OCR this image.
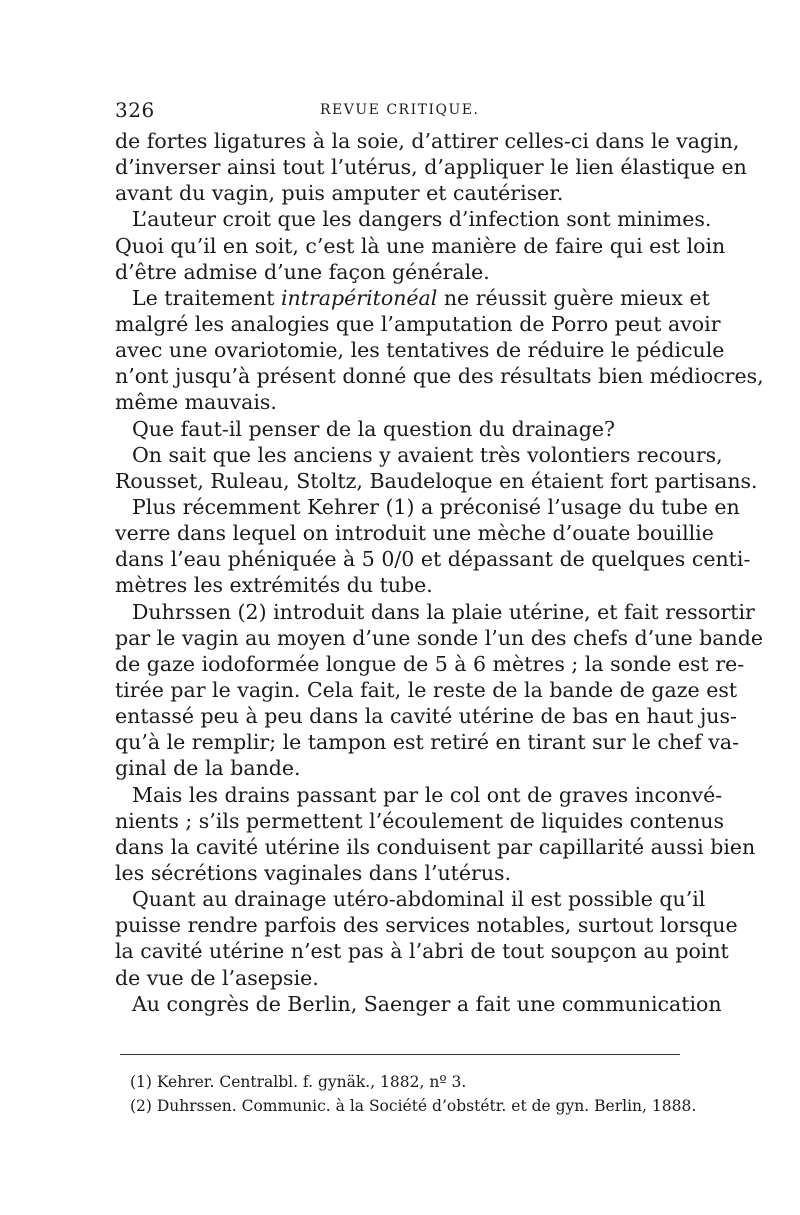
326	REVUE CRITIQUE.
de fortes ligatures à la soie, d’attirer celles-ci dans le vagin,
d’inverser ainsi tout l’utérus, d’appliquer le lien élastique en
avant du vagin, puis amputer et cautériser.
L’auteur croit que les dangers d’infection sont minimes.
Quoi qu’il en soit, c’est là une manière de faire qui est loin
d’être admise d’une façon générale.
Le traitement intrapéritonéal ne réussit guère mieux et
malgré les analogies que l’amputation de Porro peut avoir
avec une ovariotomie, les tentatives de réduire le pédicule
n’ont jusqu’à présent donné que des résultats bien médiocres,
même mauvais.
Que faut-il penser de la question du drainage?
On sait que les anciens y avaient très volontiers recours,
Rousset, Ruleau, Stoltz, Baudeloque en étaient fort partisans.
Plus récemment Kehrer (1) a préconisé l’usage du tube en
verre dans lequel on introduit une mèche d’ouate bouillie
dans l’eau phéniquée à 5 0/0 et dépassant de quelques centi-
mètres les extrémités du tube.
Duhrssen (2) introduit dans la plaie utérine, et fait ressortir
par le vagin au moyen d’une sonde l’un des chefs d’une bande
de gaze iodoformée longue de 5 à 6 mètres ; la sonde est re-
tirée par le vagin. Cela fait, le reste de la bande de gaze est
entassé peu à peu dans la cavité utérine de bas en haut jus-
qu’à le remplir; le tampon est retiré en tirant sur le chef va-
ginal de la bande.
Mais les drains passant par le col ont de graves inconvé-
nients ; s’ils permettent l’écoulement de liquides contenus
dans la cavité utérine ils conduisent par capillarité aussi bien
les sécrétions vaginales dans l’utérus.
Quant au drainage utéro-abdominal il est possible qu’il
puisse rendre parfois des services notables, surtout lorsque
la cavité utérine n’est pas à l’abri de tout soupçon au point
de vue de l’asepsie.
Au congrès de Berlin, Saenger a fait une communication
(1) Kehrer. Centralbl. f. gynäk., 1882, nº 3.
(2) Duhrssen. Communic. à la Société d’obstétr. et de gyn. Berlin, 1888.
